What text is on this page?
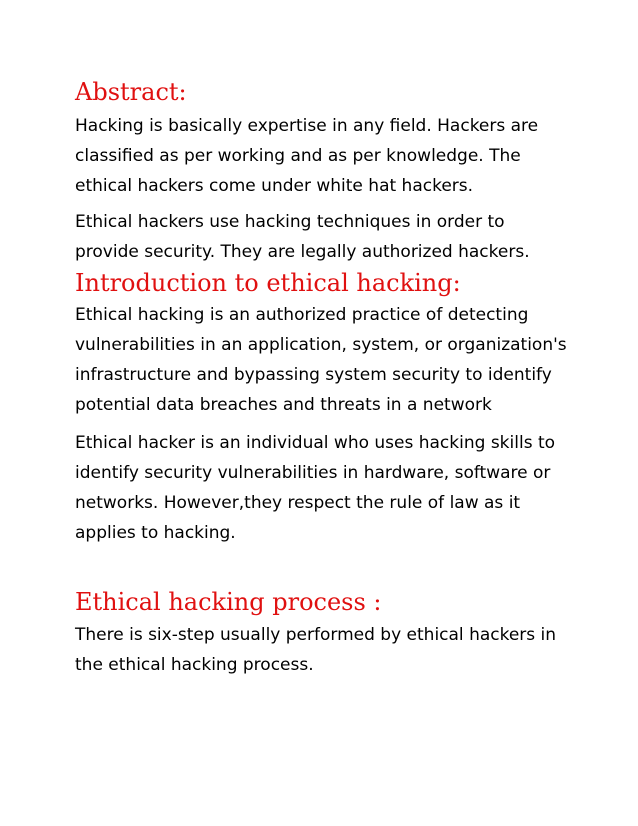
Abstract:

Hacking is basically expertise in any field. Hackers are
classified as per working and as per knowledge. The
ethical hackers come under white hat hackers.

Ethical hackers use hacking techniques in order to
provide security. They are legally authorized hackers.

Introduction to ethical hacking:

Ethical hacking is an authorized practice of detecting
vulnerabilities in an application, system, or organization's
infrastructure and bypassing system security to identify
potential data breaches and threats in a network

Ethical hacker is an individual who uses hacking skills to
identify security vulnerabilities in hardware, software or
networks. However,they respect the rule of law as it
applies to hacking.

Ethical hacking process :

There is six-step usually performed by ethical hackers in
the ethical hacking process.
